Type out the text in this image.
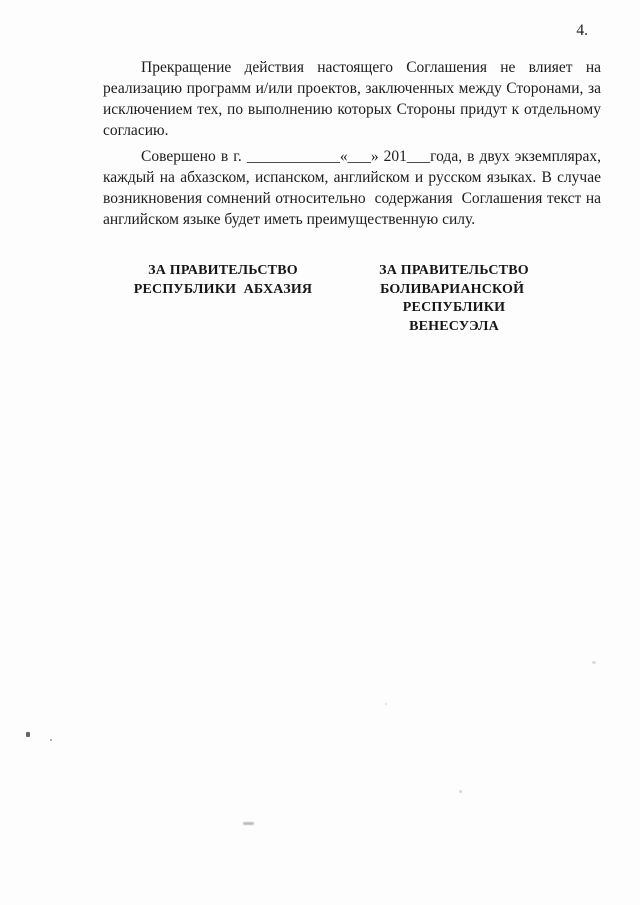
4.
Прекращение действия настоящего Соглашения не влияет на
реализацию программ и/или проектов, заключенных между Сторонами, за
исключением тех, по выполнению которых Стороны придут к отдельному
согласию.
Совершено в г. ____________«___» 201___года, в двух экземплярах,
каждый на абхазском, испанском, английском и русском языках. В случае
возникновения сомнений относительно  содержания  Соглашения текст на
английском языке будет иметь преимущественную силу.
ЗА ПРАВИТЕЛЬСТВО
РЕСПУБЛИКИ  АБХАЗИЯ
ЗА ПРАВИТЕЛЬСТВО
БОЛИВАРИАНСКОЙ  РЕСПУБЛИКИ
ВЕНЕСУЭЛА
